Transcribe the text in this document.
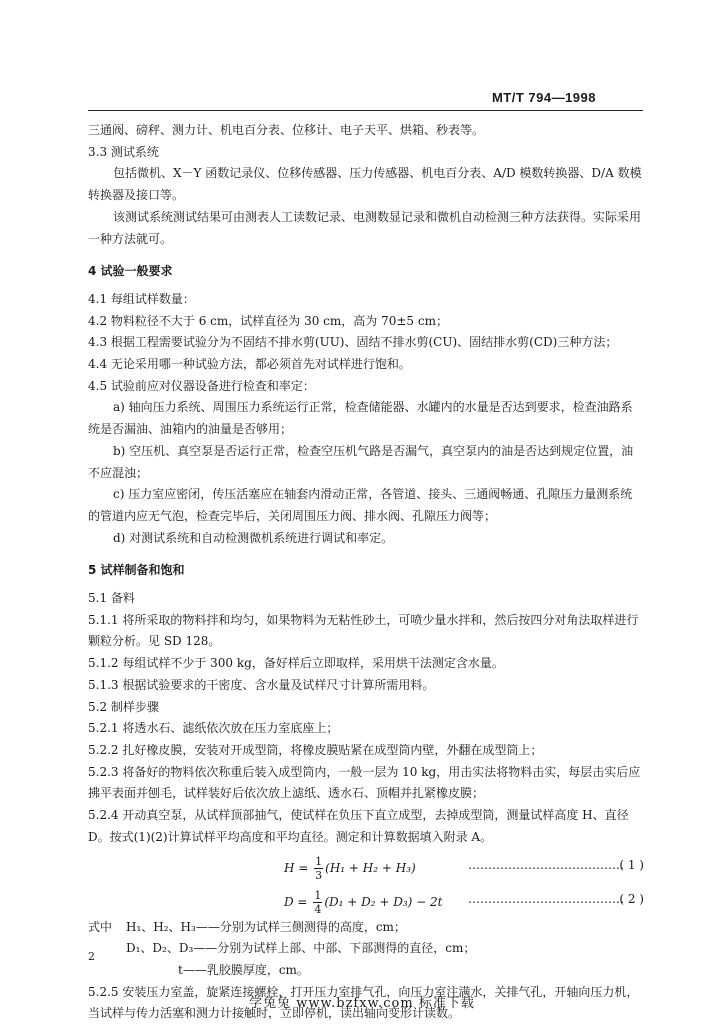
MT/T 794—1998

三通阀、磅秤、测力计、机电百分表、位移计、电子天平、烘箱、秒表等。

3.3 测试系统

包括微机、X－Y 函数记录仪、位移传感器、压力传感器、机电百分表、A/D 模数转换器、D/A 数模转换器及接口等。

该测试系统测试结果可由测表人工读数记录、电测数显记录和微机自动检测三种方法获得。实际采用一种方法就可。

4 试验一般要求

4.1 每组试样数量：

4.2 物料粒径不大于 6 cm，试样直径为 30 cm，高为 70±5 cm；

4.3 根据工程需要试验分为不固结不排水剪(UU)、固结不排水剪(CU)、固结排水剪(CD)三种方法；

4.4 无论采用哪一种试验方法，都必须首先对试样进行饱和。

4.5 试验前应对仪器设备进行检查和率定：

a) 轴向压力系统、周围压力系统运行正常，检查储能器、水罐内的水量是否达到要求，检查油路系统是否漏油、油箱内的油量是否够用；

b) 空压机、真空泵是否运行正常，检查空压机气路是否漏气，真空泵内的油是否达到规定位置，油不应混浊；

c) 压力室应密闭，传压活塞应在轴套内滑动正常，各管道、接头、三通阀畅通、孔隙压力量测系统的管道内应无气泡，检查完毕后，关闭周围压力阀、排水阀、孔隙压力阀等；

d) 对测试系统和自动检测微机系统进行调试和率定。

5 试样制备和饱和

5.1 备料

5.1.1 将所采取的物料拌和均匀，如果物料为无粘性砂土，可喷少量水拌和，然后按四分对角法取样进行颗粒分析。见 SD 128。

5.1.2 每组试样不少于 300 kg，备好样后立即取样，采用烘干法测定含水量。

5.1.3 根据试验要求的干密度、含水量及试样尺寸计算所需用料。

5.2 制样步骤

5.2.1 将透水石、滤纸依次放在压力室底座上；

5.2.2 扎好橡皮膜，安装对开成型筒，将橡皮膜贴紧在成型筒内壁，外翻在成型筒上；

5.2.3 将备好的物料依次称重后装入成型筒内，一般一层为 10 kg，用击实法将物料击实，每层击实后应拂平表面并刨毛，试样装好后依次放上滤纸、透水石、顶帽并扎紧橡皮膜；

5.2.4 开动真空泵，从试样顶部抽气，使试样在负压下直立成型，去掉成型筒，测量试样高度 H、直径 D。按式(1)(2)计算试样平均高度和平均直径。测定和计算数据填入附录 A。

$H = \frac{1}{3} (H_1 + H_2 + H_3)$	…………………………………
( 1 )
$D = \frac{1}{4} (D_1 + D_2 + D_3) - 2t$ …………………………………
( 2 )

式中 H₁、H₂、H₃——分别为试样三侧测得的高度，cm；

D₁、D₂、D₃——分别为试样上部、中部、下部测得的直径，cm；

t——乳胶膜厚度，cm。

5.2.5 安装压力室盖，旋紧连接螺栓，打开压力室排气孔，向压力室注满水，关排气孔，开轴向压力机，当试样与传力活塞和测力计接触时，立即停机，读出轴向变形计读数。

2
学兔兔 www.bzfxw.com 标准下载
